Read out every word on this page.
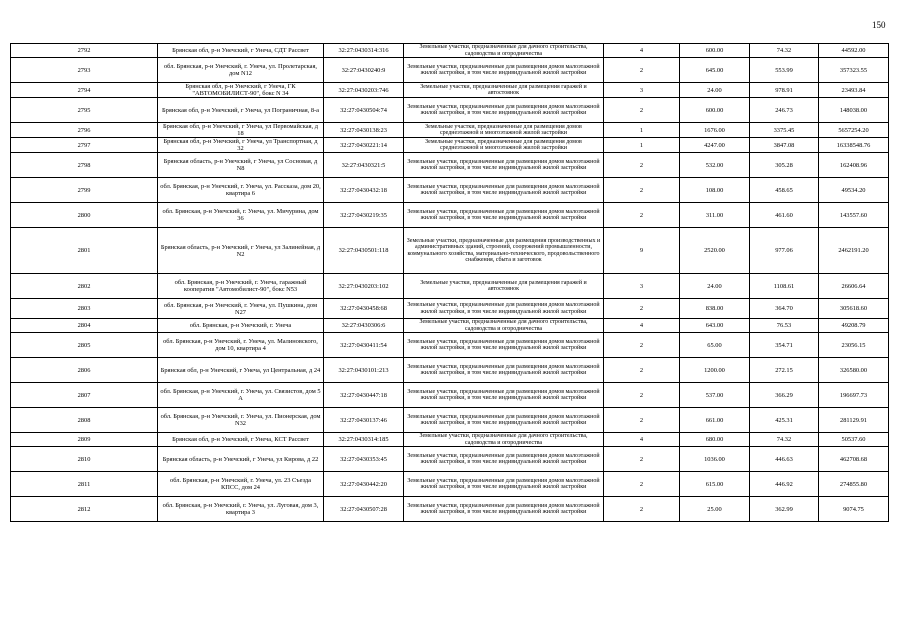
150
2792	Брянская обл, р-н Унечский, г Унеча, СДТ Рассвет	32:27:0430314:316	Земельные участки, предназначенные для дачного строительства, садоводства и огородничества	4	600.00	74.32	44592.00
2793	обл. Брянская, р-н Унечский, г. Унеча, ул. Пролетарская, дом N12	32:27:0430240:9	Земельные участки, предназначенные для размещения домов малоэтажной жилой застройки, в том числе индивидуальной жилой застройки	2	645.00	553.99	357323.55
2794	Брянская обл, р-н Унечский, г Унеча, ГК "АВТОМОБИЛИСТ-90", бокс N 34	32:27:0430203:746	Земельные участки, предназначенные для размещения гаражей и автостоянок	3	24.00	978.91	23493.84
2795	Брянская обл, р-н Унечский, г Унеча, ул Пограничная, 8-а	32:27:0430504:74	Земельные участки, предназначенные для размещения домов малоэтажной жилой застройки, в том числе индивидуальной жилой застройки	2	600.00	246.73	148038.00
2796	Брянская обл, р-н Унечский, г Унеча, ул Первомайская, д 18	32:27:0430138:23	Земельные участки, предназначенные для размещения домов среднеэтажной и многоэтажной жилой застройки	1	1676.00	3375.45	5657254.20
2797	Брянская обл, р-н Унечский, г Унеча, ул Транспортная, д 32	32:27:0430221:14	Земельные участки, предназначенные для размещения домов среднеэтажной и многоэтажной жилой застройки	1	4247.00	3847.08	16338548.76
2798	Брянская область, р-н Унечский, г Унеча, ул Сосновая, д N8	32:27:0430321:5	Земельные участки, предназначенные для размещения домов малоэтажной жилой застройки, в том числе индивидуальной жилой застройки	2	532.00	305.28	162408.96
2799	обл. Брянская, р-н Унечский, г. Унеча, ул. Рассказа, дом 20, квартира 6	32:27:0430432:18	Земельные участки, предназначенные для размещения домов малоэтажной жилой застройки, в том числе индивидуальной жилой застройки	2	108.00	458.65	49534.20
2800	обл. Брянская, р-н Унечский, г. Унеча, ул. Мичурина, дом 36	32:27:0430219:35	Земельные участки, предназначенные для размещения домов малоэтажной жилой застройки, в том числе индивидуальной жилой застройки	2	311.00	461.60	143557.60
2801	Брянская область, р-н Унечский, г Унеча, ул Залинейная, д N2	32:27:0430501:118	Земельные участки, предназначенные для размещения производственных и административных зданий, строений, сооружений промышленности, коммунального хозяйства, материально-технического, продовольственного снабжения, сбыта и заготовок	9	2520.00	977.06	2462191.20
2802	обл. Брянская, р-н Унечский, г. Унеча, гаражный кооператив "Автомобилист-90", бокс N53	32:27:0430203:102	Земельные участки, предназначенные для размещения гаражей и автостоянок	3	24.00	1108.61	26606.64
2803	обл. Брянская, р-н Унечский, г. Унеча, ул. Пушкина, дом N27	32:27:0430458:68	Земельные участки, предназначенные для размещения домов малоэтажной жилой застройки, в том числе индивидуальной жилой застройки	2	838.00	364.70	305618.60
2804	обл. Брянская, р-н Унечский, г. Унеча	32:27:0430306:6	Земельные участки, предназначенные для дачного строительства, садоводства и огородничества	4	643.00	76.53	49208.79
2805	обл. Брянская, р-н Унечский, г. Унеча, ул. Малиновского, дом 10, квартира 4	32:27:0430411:54	Земельные участки, предназначенные для размещения домов малоэтажной жилой застройки, в том числе индивидуальной жилой застройки	2	65.00	354.71	23056.15
2806	Брянская обл, р-н Унечский, г Унеча, ул Центральная, д 24	32:27:0430101:213	Земельные участки, предназначенные для размещения домов малоэтажной жилой застройки, в том числе индивидуальной жилой застройки	2	1200.00	272.15	326580.00
2807	обл. Брянская, р-н Унечский, г. Унеча, ул. Связистов, дом 5 А	32:27:0430447:18	Земельные участки, предназначенные для размещения домов малоэтажной жилой застройки, в том числе индивидуальной жилой застройки	2	537.00	366.29	196697.73
2808	обл. Брянская, р-н Унечский, г. Унеча, ул. Пионерская, дом N32	32:27:0430137:46	Земельные участки, предназначенные для размещения домов малоэтажной жилой застройки, в том числе индивидуальной жилой застройки	2	661.00	425.31	281129.91
2809	Брянская обл, р-н Унечский, г Унеча, КСТ Рассвет	32:27:0430314:185	Земельные участки, предназначенные для дачного строительства, садоводства и огородничества	4	680.00	74.32	50537.60
2810	Брянская область, р-н Унечский, г Унеча, ул Кирова, д 22	32:27:0430353:45	Земельные участки, предназначенные для размещения домов малоэтажной жилой застройки, в том числе индивидуальной жилой застройки	2	1036.00	446.63	462708.68
2811	обл. Брянская, р-н Унечский, г. Унеча, ул. 23 Съезда КПСС, дом 24	32:27:0430442:20	Земельные участки, предназначенные для размещения домов малоэтажной жилой застройки, в том числе индивидуальной жилой застройки	2	615.00	446.92	274855.80
2812	обл. Брянская, р-н Унечский, г. Унеча, ул. Луговая, дом 3, квартира 3	32:27:0430507:28	Земельные участки, предназначенные для размещения домов малоэтажной жилой застройки, в том числе индивидуальной жилой застройки	2	25.00	362.99	9074.75
